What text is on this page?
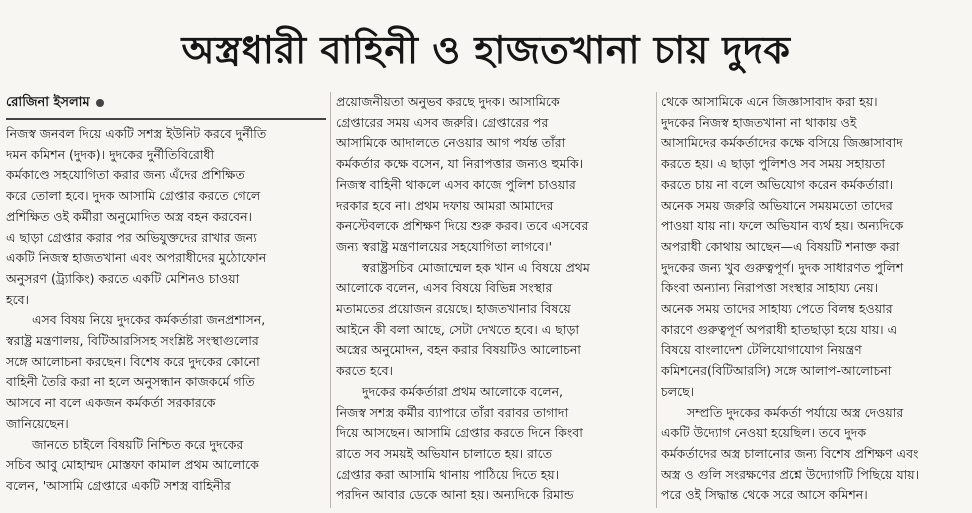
অস্ত্রধারী বাহিনী ও হাজতখানা চায় দুদক
রোজিনা ইসলাম
নিজস্ব জনবল দিয়ে একটি সশস্ত্র ইউনিট করবে দুর্নীতি
দমন কমিশন (দুদক)। দুদকের দুর্নীতিবিরোধী
কর্মকাণ্ডে সহযোগিতা করার জন্য এঁদের প্রশিক্ষিত
করে তোলা হবে। দুদক আসামি গ্রেপ্তার করতে গেলে
প্রশিক্ষিত ওই কর্মীরা অনুমোদিত অস্ত্র বহন করবেন।
এ ছাড়া গ্রেপ্তার করার পর অভিযুক্তদের রাখার জন্য
একটি নিজস্ব হাজতখানা এবং অপরাধীদের মুঠোফোন
অনুসরণ (ট্র্যাকিং) করতে একটি মেশিনও চাওয়া
হবে।
এসব বিষয় নিয়ে দুদকের কর্মকর্তারা জনপ্রশাসন,
স্বরাষ্ট্র মন্ত্রণালয়, বিটিআরসিসহ সংশ্লিষ্ট সংস্থাগুলোর
সঙ্গে আলোচনা করছেন। বিশেষ করে দুদকের কোনো
বাহিনী তৈরি করা না হলে অনুসন্ধান কাজকর্মে গতি
আসবে না বলে একজন কর্মকর্তা সরকারকে
জানিয়েছেন।
জানতে চাইলে বিষয়টি নিশ্চিত করে দুদকের
সচিব আবু মোহাম্মদ মোস্তফা কামাল প্রথম আলোকে
বলেন, 'আসামি গ্রেপ্তারে একটি সশস্ত্র বাহিনীর
প্রয়োজনীয়তা অনুভব করছে দুদক। আসামিকে
গ্রেপ্তারের সময় এসব জরুরি। গ্রেপ্তারের পর
আসামিকে আদালতে নেওয়ার আগ পর্যন্ত তাঁরা
কর্মকর্তার কক্ষে বসেন, যা নিরাপত্তার জন্যও হুমকি।
নিজস্ব বাহিনী থাকলে এসব কাজে পুলিশ চাওয়ার
দরকার হবে না। প্রথম দফায় আমরা আমাদের
কনস্টেবলকে প্রশিক্ষণ দিয়ে শুরু করব। তবে এসবের
জন্য স্বরাষ্ট্র মন্ত্রণালয়ের সহযোগিতা লাগবে।'
স্বরাষ্ট্রসচিব মোজাম্মেল হক খান এ বিষয়ে প্রথম
আলোকে বলেন, এসব বিষয়ে বিভিন্ন সংস্থার
মতামতের প্রয়োজন রয়েছে। হাজতখানার বিষয়ে
আইনে কী বলা আছে, সেটা দেখতে হবে। এ ছাড়া
অস্ত্রের অনুমোদন, বহন করার বিষয়টিও আলোচনা
করতে হবে।
দুদকের কর্মকর্তারা প্রথম আলোকে বলেন,
নিজস্ব সশস্ত্র কর্মীর ব্যাপারে তাঁরা বরাবর তাগাদা
দিয়ে আসছেন। আসামি গ্রেপ্তার করতে দিনে কিংবা
রাতে সব সময়ই অভিযান চালাতে হয়। রাতে
গ্রেপ্তার করা আসামি থানায় পাঠিয়ে দিতে হয়।
পরদিন আবার ডেকে আনা হয়। অন্যদিকে রিমান্ড
থেকে আসামিকে এনে জিজ্ঞাসাবাদ করা হয়।
দুদকের নিজস্ব হাজতখানা না থাকায় ওই
আসামিদের কর্মকর্তাদের কক্ষে বসিয়ে জিজ্ঞাসাবাদ
করতে হয়। এ ছাড়া পুলিশও সব সময় সহায়তা
করতে চায় না বলে অভিযোগ করেন কর্মকর্তারা।
অনেক সময় জরুরি অভিযানে সময়মতো তাদের
পাওয়া যায় না। ফলে অভিযান ব্যর্থ হয়। অন্যদিকে
অপরাধী কোথায় আছেন—এ বিষয়টি শনাক্ত করা
দুদকের জন্য খুব গুরুত্বপূর্ণ। দুদক সাধারণত পুলিশ
কিংবা অন্যান্য নিরাপত্তা সংস্থার সাহায্য নেয়।
অনেক সময় তাদের সাহায্য পেতে বিলম্ব হওয়ার
কারণে গুরুত্বপূর্ণ অপরাধী হাতছাড়া হয়ে যায়। এ
বিষয়ে বাংলাদেশ টেলিযোগাযোগ নিয়ন্ত্রণ
কমিশনের(বিটিআরসি) সঙ্গে আলাপ-আলোচনা
চলছে।
সম্প্রতি দুদকের কর্মকর্তা পর্যায়ে অস্ত্র দেওয়ার
একটি উদ্যোগ নেওয়া হয়েছিল। তবে দুদক
কর্মকর্তাদের অস্ত্র চালানোর জন্য বিশেষ প্রশিক্ষণ এবং
অস্ত্র ও গুলি সংরক্ষণের প্রশ্নে উদ্যোগটি পিছিয়ে যায়।
পরে ওই সিদ্ধান্ত থেকে সরে আসে কমিশন।
